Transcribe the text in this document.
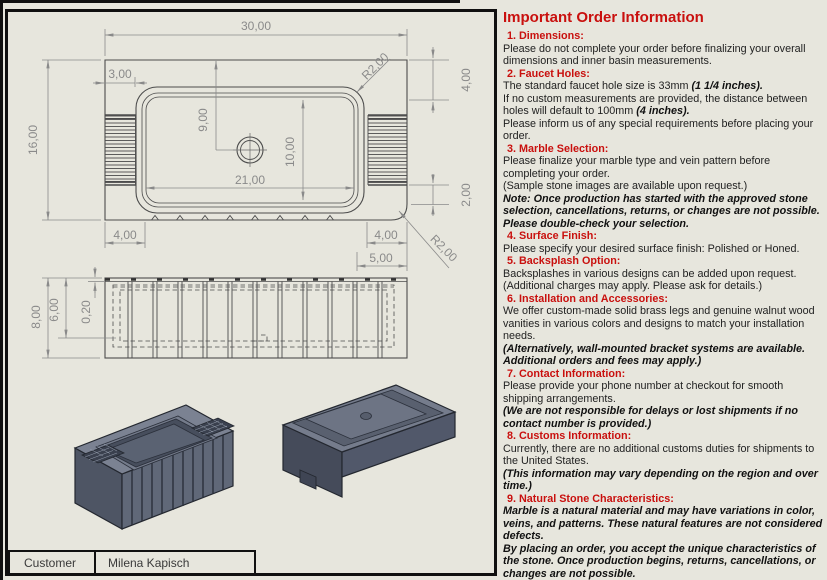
30,00
16,00
3,00
9,00
10,00
21,00
R2,00	4,00
2,00
4,00	4,00
5,00	R2,00
8,00 6,00 0,20
Customer	Milena Kapisch
Important Order Information
1. Dimensions:
Please do not complete your order before finalizing your overall dimensions and inner basin measurements.
2. Faucet Holes:
The standard faucet hole size is 33mm (1 1/4 inches).
If no custom measurements are provided, the distance between holes will default to 100mm (4 inches).
Please inform us of any special requirements before placing your order.
3. Marble Selection:
Please finalize your marble type and vein pattern before completing your order.
(Sample stone images are available upon request.)
Note: Once production has started with the approved stone selection, cancellations, returns, or changes are not possible. Please double-check your selection.
4. Surface Finish:
Please specify your desired surface finish: Polished or Honed.
5. Backsplash Option:
Backsplashes in various designs can be added upon request.
(Additional charges may apply. Please ask for details.)
6. Installation and Accessories:
We offer custom-made solid brass legs and genuine walnut wood vanities in various colors and designs to match your installation needs.
(Alternatively, wall-mounted bracket systems are available. Additional orders and fees may apply.)
7. Contact Information:
Please provide your phone number at checkout for smooth shipping arrangements.
(We are not responsible for delays or lost shipments if no contact number is provided.)
8. Customs Information:
Currently, there are no additional customs duties for shipments to the United States.
(This information may vary depending on the region and over time.)
9. Natural Stone Characteristics:
Marble is a natural material and may have variations in color, veins, and patterns. These natural features are not considered defects.
By placing an order, you accept the unique characteristics of the stone. Once production begins, returns, cancellations, or changes are not possible.
